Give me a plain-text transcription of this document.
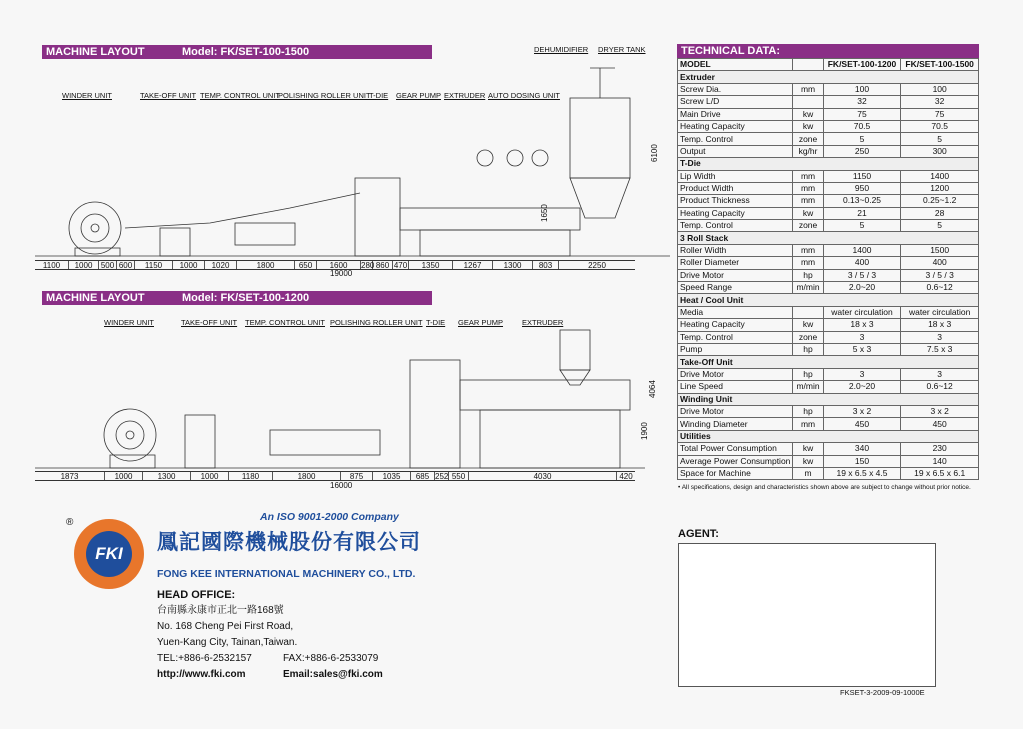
MACHINE LAYOUT	Model: FK/SET-100-1500	DEHUMIDIFIER DRYER TANK
WINDER UNIT	TAKE-OFF UNIT TEMP. CONTROL UNIT
POLISHING ROLLER UNIT
T-DIE GEAR PUMP EXTRUDER AUTO DOSING UNIT
6100
1650
1100	1000	500 600	1150	1000	1020	1800	650	1600	280 860 470	1350	1267	1300	803	2250
19000
MACHINE LAYOUT	Model: FK/SET-100-1200
WINDER UNIT	TAKE-OFF UNIT TEMP. CONTROL UNIT POLISHING ROLLER UNIT T-DIE GEAR PUMP	EXTRUDER
4064
1900
1873	1000	1300	1000	1180	1800	875	1035	685 252 550	4030	420
16000
®	An ISO 9001-2000 Company
FKI	鳳記國際機械股份有限公司
FONG KEE INTERNATIONAL MACHINERY CO., LTD.
HEAD OFFICE:
台南縣永康市正北一路168號
No. 168 Cheng Pei First Road,
Yuen-Kang City, Tainan,Taiwan.
TEL:+886-6-2532157	FAX:+886-6-2533079
http://www.fki.com	Email:sales@fki.com
TECHNICAL DATA:
MODEL		FK/SET-100-1200	FK/SET-100-1500
Extruder			
Screw Dia.	mm	100	100
Screw L/D		32	32
Main Drive	kw	75	75
Heating Capacity	kw	70.5	70.5
Temp. Control	zone	5	5
Output	kg/hr	250	300
T-Die			
Lip Width	mm	1150	1400
Product Width	mm	950	1200
Product Thickness	mm	0.13~0.25	0.25~1.2
Heating Capacity	kw	21	28
Temp. Control	zone	5	5
3 Roll Stack			
Roller Width	mm	1400	1500
Roller Diameter	mm	400	400
Drive Motor	hp	3 / 5 / 3	3 / 5 / 3
Speed Range	m/min	2.0~20	0.6~12
Heat / Cool Unit			
Media		water circulation	water circulation
Heating Capacity	kw	18 x 3	18 x 3
Temp. Control	zone	3	3
Pump	hp	5 x 3	7.5 x 3
Take-Off Unit			
Drive Motor	hp	3	3
Line Speed	m/min	2.0~20	0.6~12
Winding Unit			
Drive Motor	hp	3 x 2	3 x 2
Winding Diameter	mm	450	450
Utilities			
Total Power Consumption	kw	340	230
Average Power Consumption	kw	150	140
Space for Machine	m	19 x 6.5 x 4.5	19 x 6.5 x 6.1
• All specifications, design and characteristics shown above are subject to change without prior notice.
AGENT:
FKSET-3-2009-09-1000E
